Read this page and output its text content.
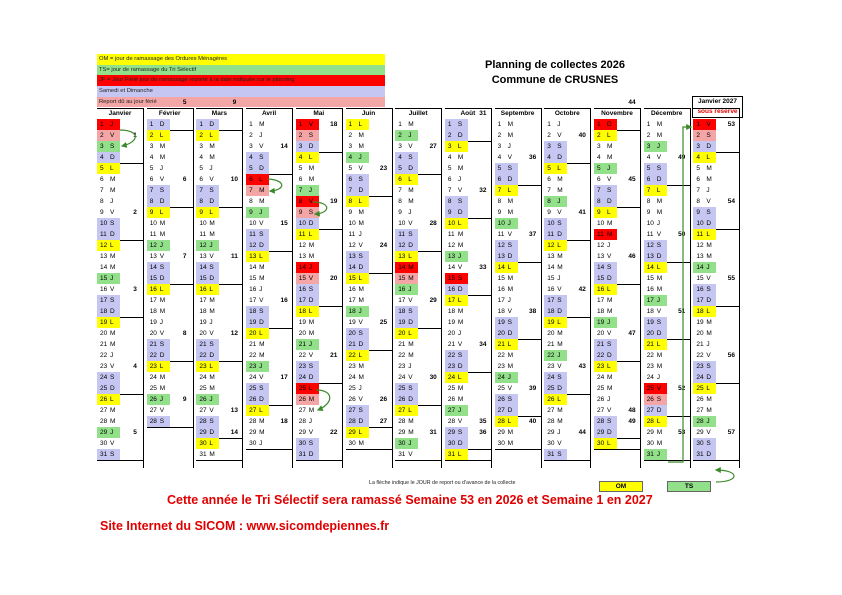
OM = jour de ramassage des Ordures Ménagères
TS= jour de ramassage du Tri Sélectif
JF = Jour Férié jour de ramassage reporté à la date indiquée sur le planning
Samedi et Dimanche
Report dû au jour férié
Planning de collectes 2026
Commune de CRUSNES
Janvier 2027
sous réserve
Janvier
1 J
2 V
3 S
4 D
1
5 L
6 M
7 M
8 J
9 V
10 S
11 D
2
12 L
13 M
14 M
15 J
16 V
17 S
18 D
3
19 L
20 M
21 M
22 J
23 V
24 S
25 D
4
26 L
27 M
28 M
29 J
30 V
31 S
5
Février
1 D
5
2 L
3 M
4 M
5 J
6 V
7 S
8 D
6
9 L
10 M
11 M
12 J
13 V
14 S
15 D
7
16 L
17 M
18 M
19 J
20 V
21 S
22 D
8
23 L
24 M
25 M
26 J
27 V
28 S
9
Mars
1 D
9
2 L
3 M
4 M
5 J
6 V
7 S
8 D
10
9 L
10 M
11 M
12 J
13 V
14 S
15 D
11
16 L
17 M
18 M
19 J
20 V
21 S
22 D
12
23 L
24 M
25 M
26 J
27 V
28 S
29 D
13
30 L
31 M
14
Avril
1 M
2 J
3 V
4 S
5 D
14
6 L
7 M
8 M
9 J
10 V
11 S
12 D
15
13 L
14 M
15 M
16 J
17 V
18 S
19 D
16
20 L
21 M
22 M
23 J
24 V
25 S
26 D
17
27 L
28 M
29 M
30 J
18
Mai
1 V
2 S
3 D
18
4 L
5 M
6 M
7 J
8 V
9 S
10 D
19
11 L
12 M
13 M
14 J
15 V
16 S
17 D
20
18 L
19 M
20 M
21 J
22 V
23 S
24 D
21
25 L
26 M
27 M
28 J
29 V
30 S
31 D
22
Juin
1 L
2 M
3 M
4 J
5 V
6 S
7 D
23
8 L
9 M
10 M
11 J
12 V
13 S
14 D
24
15 L
16 M
17 M
18 J
19 V
20 S
21 D
25
22 L
23 M
24 M
25 J
26 V
27 S
28 D
26
29 L
30 M
27
Juillet
1 M
2 J
3 V
4 S
5 D
27
6 L
7 M
8 M
9 J
10 V
11 S
12 D
28
13 L
14 M
15 M
16 J
17 V
18 S
19 D
29
20 L
21 M
22 M
23 J
24 V
25 S
26 D
30
27 L
28 M
29 M
30 J
31 V
31
Août
1 S
2 D
31
3 L
4 M
5 M
6 J
7 V
8 S
9 D
32
10 L
11 M
12 M
13 J
14 V
15 S
16 D
33
17 L
18 M
19 M
20 J
21 V
22 S
23 D
34
24 L
25 M
26 M
27 J
28 V
29 S
30 D
35
31 L
36
Septembre
1 M
2 M
3 J
4 V
5 S
6 D
36
7 L
8 M
9 M
10 J
11 V
12 S
13 D
37
14 L
15 M
16 M
17 J
18 V
19 S
20 D
38
21 L
22 M
23 M
24 J
25 V
26 S
27 D
39
28 L
29 M
30 M
40
Octobre
1 J
2 V
3 S
4 D
40
5 L
6 M
7 M
8 J
9 V
10 S
11 D
41
12 L
13 M
14 M
15 J
16 V
17 S
18 D
42
19 L
20 M
21 M
22 J
23 V
24 S
25 D
43
26 L
27 M
28 M
29 J
30 V
31 S
44
Novembre
1 D
44
2 L
3 M
4 M
5 J
6 V
7 S
8 D
45
9 L
10 M
11 M
12 J
13 V
14 S
15 D
46
16 L
17 M
18 M
19 J
20 V
21 S
22 D
47
23 L
24 M
25 M
26 J
27 V
28 S
29 D
48
30 L
49
Décembre
1 M
2 M
3 J
4 V
5 S
6 D
49
7 L
8 M
9 M
10 J
11 V
12 S
13 D
50
14 L
15 M
16 M
17 J
18 V
19 S
20 D
51
21 L
22 M
23 M
24 J
25 V
26 S
27 D
52
28 L
29 M
30 M
31 J
53
1 V
2 S
3 D
53
4 L
5 M
6 M
7 J
8 V
9 S
10 D
54
11 L
12 M
13 M
14 J
15 V
16 S
17 D
55
18 L
19 M
20 M
21 J
22 V
23 S
24 D
56
25 L
26 M
27 M
28 J
29 V
30 S
31 D
57
La flèche indique le JOUR de report ou d'avance de la collecte	OM	TS
Cette année le Tri Sélectif sera ramassé Semaine 53 en 2026 et Semaine 1 en 2027
Site Internet du SICOM : www.sicomdepiennes.fr
